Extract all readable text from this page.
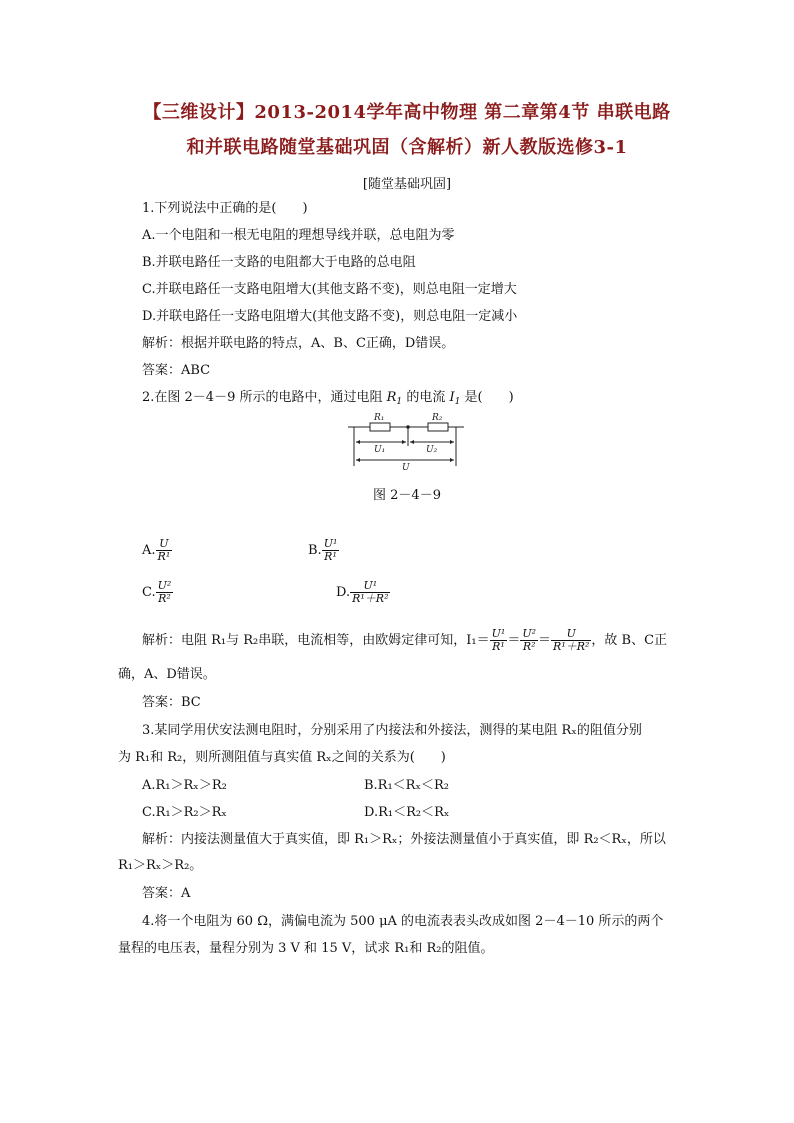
【三维设计】2013-2014学年高中物理 第二章第4节 串联电路
和并联电路随堂基础巩固（含解析）新人教版选修3-1
[随堂基础巩固]
1.下列说法中正确的是(　　)
A.一个电阻和一根无电阻的理想导线并联，总电阻为零
B.并联电路任一支路的电阻都大于电路的总电阻
C.并联电路任一支路电阻增大(其他支路不变)，则总电阻一定增大
D.并联电路任一支路电阻增大(其他支路不变)，则总电阻一定减小
解析：根据并联电路的特点，A、B、C正确，D错误。
答案：ABC
2.在图 2－4－9 所示的电路中，通过电阻 $R_1$ 的电流 $I_1$ 是(　　)
R₁	R₂
U₁	U₂
U
图 2－4－9
A. $\frac{U}{\text{R¹}}$	B. $\frac{\text{U¹}}{\text{R¹}}$
C. $\frac{\text{U²}}{\text{R²}}$	D. $\frac{\text{U¹}}{\text{R¹＋R²}}$
解析：电阻 R₁与 R₂串联，电流相等，由欧姆定律可知，$I_1= \frac{\text{U¹}}{\text{R¹}} = \frac{\text{U²}}{\text{R²}} = \frac{U}{\text{R¹＋R²}}$ ，故 B、C正
确，A、D错误。
答案：BC
3.某同学用伏安法测电阻时，分别采用了内接法和外接法，测得的某电阻 Rₓ的阻值分别
为 R₁和 R₂，则所测阻值与真实值 Rₓ之间的关系为(　　)
A.R₁＞Rₓ＞R₂	B.R₁＜Rₓ＜R₂
C.R₁＞R₂＞Rₓ	D.R₁＜R₂＜Rₓ
解析：内接法测量值大于真实值，即 R₁＞Rₓ；外接法测量值小于真实值，即 R₂＜Rₓ，所以
R₁＞Rₓ＞R₂。
答案：A
4.将一个电阻为 60 Ω，满偏电流为 500 μA 的电流表表头改成如图 2－4－10 所示的两个
量程的电压表，量程分别为 3 V 和 15 V，试求 R₁和 R₂的阻值。
